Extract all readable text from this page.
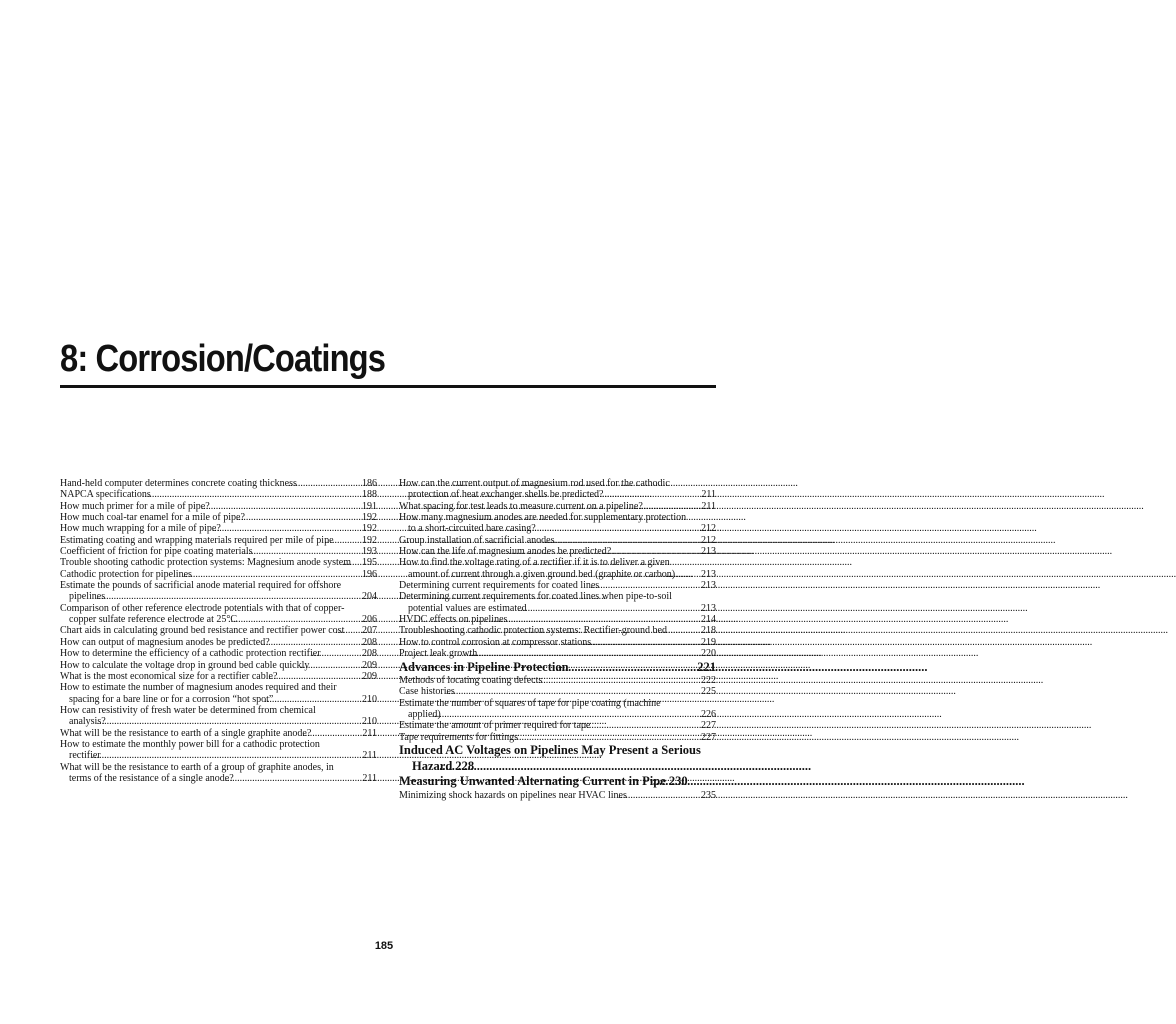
8: Corrosion/Coatings
Hand-held computer determines concrete coating thickness .....	186
NAPCA specifications .....	188
How much primer for a mile of pipe? .....	191
How much coal-tar enamel for a mile of pipe? .....	192
How much wrapping for a mile of pipe? .....	192
Estimating coating and wrapping materials required per mile of pipe .....	192
Coefficient of friction for pipe coating materials .....	193
Trouble shooting cathodic protection systems: Magnesium anode system ..... 195
Cathodic protection for pipelines .....	196
Estimate the pounds of sacrificial anode material required for offshore pipelines .....	204
Comparison of other reference electrode potentials with that of copper-copper sulfate reference electrode at 25°C .....	206
Chart aids in calculating ground bed resistance and rectifier power cost .....	207
How can output of magnesium anodes be predicted? .....	208
How to determine the efficiency of a cathodic protection rectifier .....	208
How to calculate the voltage drop in ground bed cable quickly .....	209
What is the most economical size for a rectifier cable? .....	209
How to estimate the number of magnesium anodes required and their spacing for a bare line or for a corrosion “hot spot” .....	210
How can resistivity of fresh water be determined from chemical analysis? .....	210
What will be the resistance to earth of a single graphite anode? .....	211
How to estimate the monthly power bill for a cathodic protection rectifier .....	211
What will be the resistance to earth of a group of graphite anodes, in terms of the resistance of a single anode? .....	211
How can the current output of magnesium rod used for the cathodic protection of heat exchanger shells be predicted? .....	211
What spacing for test leads to measure current on a pipeline? .....	211
How many magnesium anodes are needed for supplementary protection to a short-circuited bare casing? .....	212
Group installation of sacrificial anodes .....	212
How can the life of magnesium anodes be predicted? .....	213
How to find the voltage rating of a rectifier if it is to deliver a given amount of current through a given ground bed (graphite or carbon) .....	213
Determining current requirements for coated lines .....	213
Determining current requirements for coated lines when pipe-to-soil potential values are estimated .....	213
HVDC effects on pipelines .....	214
Troubleshooting cathodic protection systems: Rectifier-ground bed .....	218
How to control corrosion at compressor stations .....	219
Project leak growth .....	220
Advances in Pipeline Protection .....	221
Methods of locating coating defects .....	222
Case histories .....	225
Estimate the number of squares of tape for pipe coating (machine applied) .....	226
Estimate the amount of primer required for tape .....	227
Tape requirements for fittings .....	227
Induced AC Voltages on Pipelines May Present a Serious Hazard ..... 228
Measuring Unwanted Alternating Current in Pipe ..... 230
Minimizing shock hazards on pipelines near HVAC lines .....	235
185
